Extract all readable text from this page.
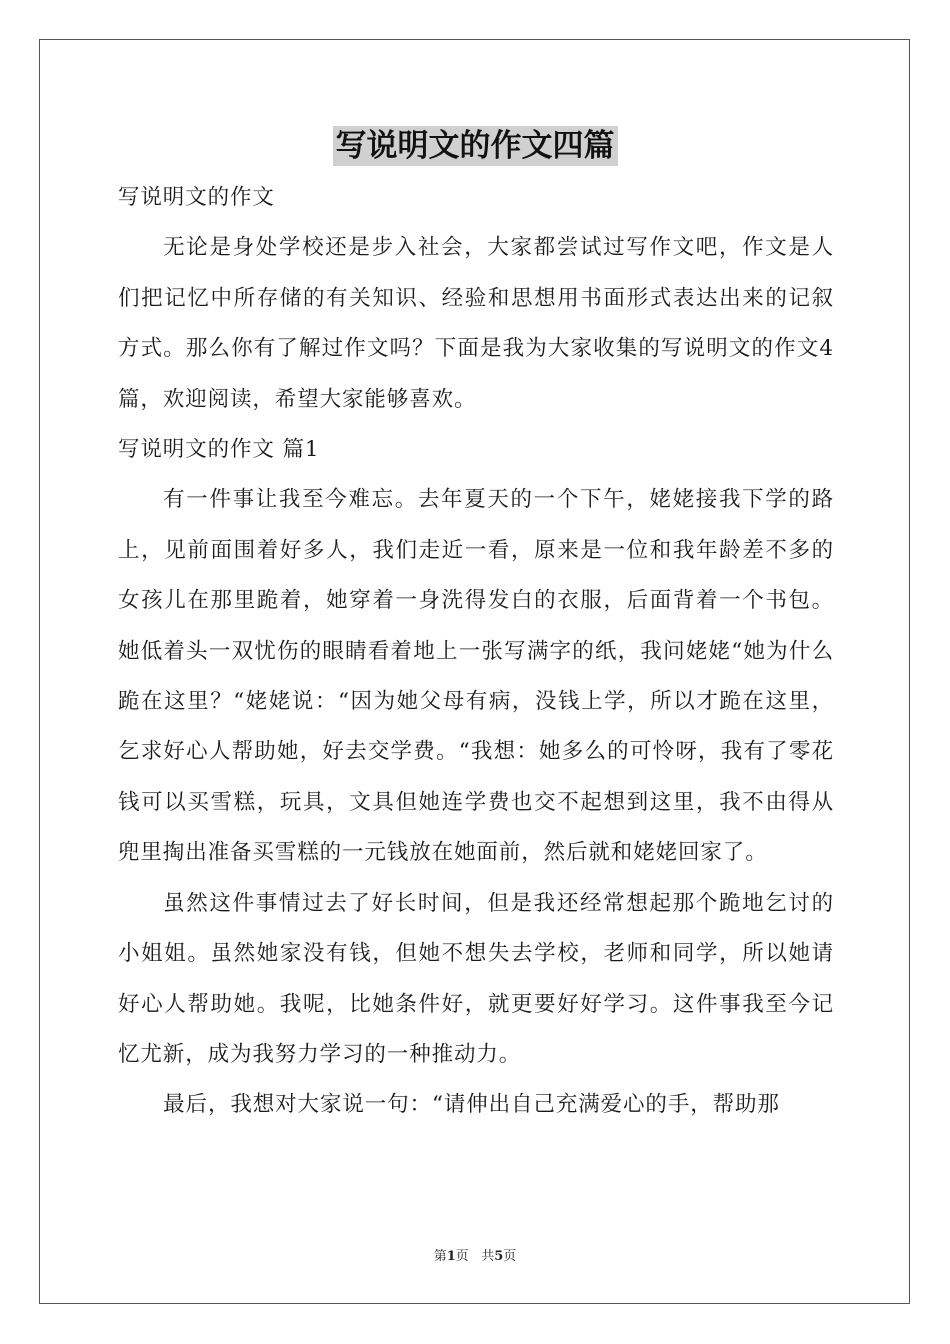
写说明文的作文四篇

写说明文的作文

无论是身处学校还是步入社会，大家都尝试过写作文吧，作文是人们把记忆中所存储的有关知识、经验和思想用书面形式表达出来的记叙方式。那么你有了解过作文吗？下面是我为大家收集的写说明文的作文4篇，欢迎阅读，希望大家能够喜欢。

写说明文的作文 篇1

有一件事让我至今难忘。去年夏天的一个下午，姥姥接我下学的路上，见前面围着好多人，我们走近一看，原来是一位和我年龄差不多的女孩儿在那里跪着，她穿着一身洗得发白的衣服，后面背着一个书包。她低着头一双忧伤的眼睛看着地上一张写满字的纸，我问姥姥“她为什么跪在这里？“姥姥说：“因为她父母有病，没钱上学，所以才跪在这里，乞求好心人帮助她，好去交学费。“我想：她多么的可怜呀，我有了零花钱可以买雪糕，玩具，文具但她连学费也交不起想到这里，我不由得从兜里掏出准备买雪糕的一元钱放在她面前，然后就和姥姥回家了。

虽然这件事情过去了好长时间，但是我还经常想起那个跪地乞讨的小姐姐。虽然她家没有钱，但她不想失去学校，老师和同学，所以她请好心人帮助她。我呢，比她条件好，就更要好好学习。这件事我至今记忆尤新，成为我努力学习的一种推动力。

最后，我想对大家说一句：“请伸出自己充满爱心的手，帮助那

第1页 共5页
